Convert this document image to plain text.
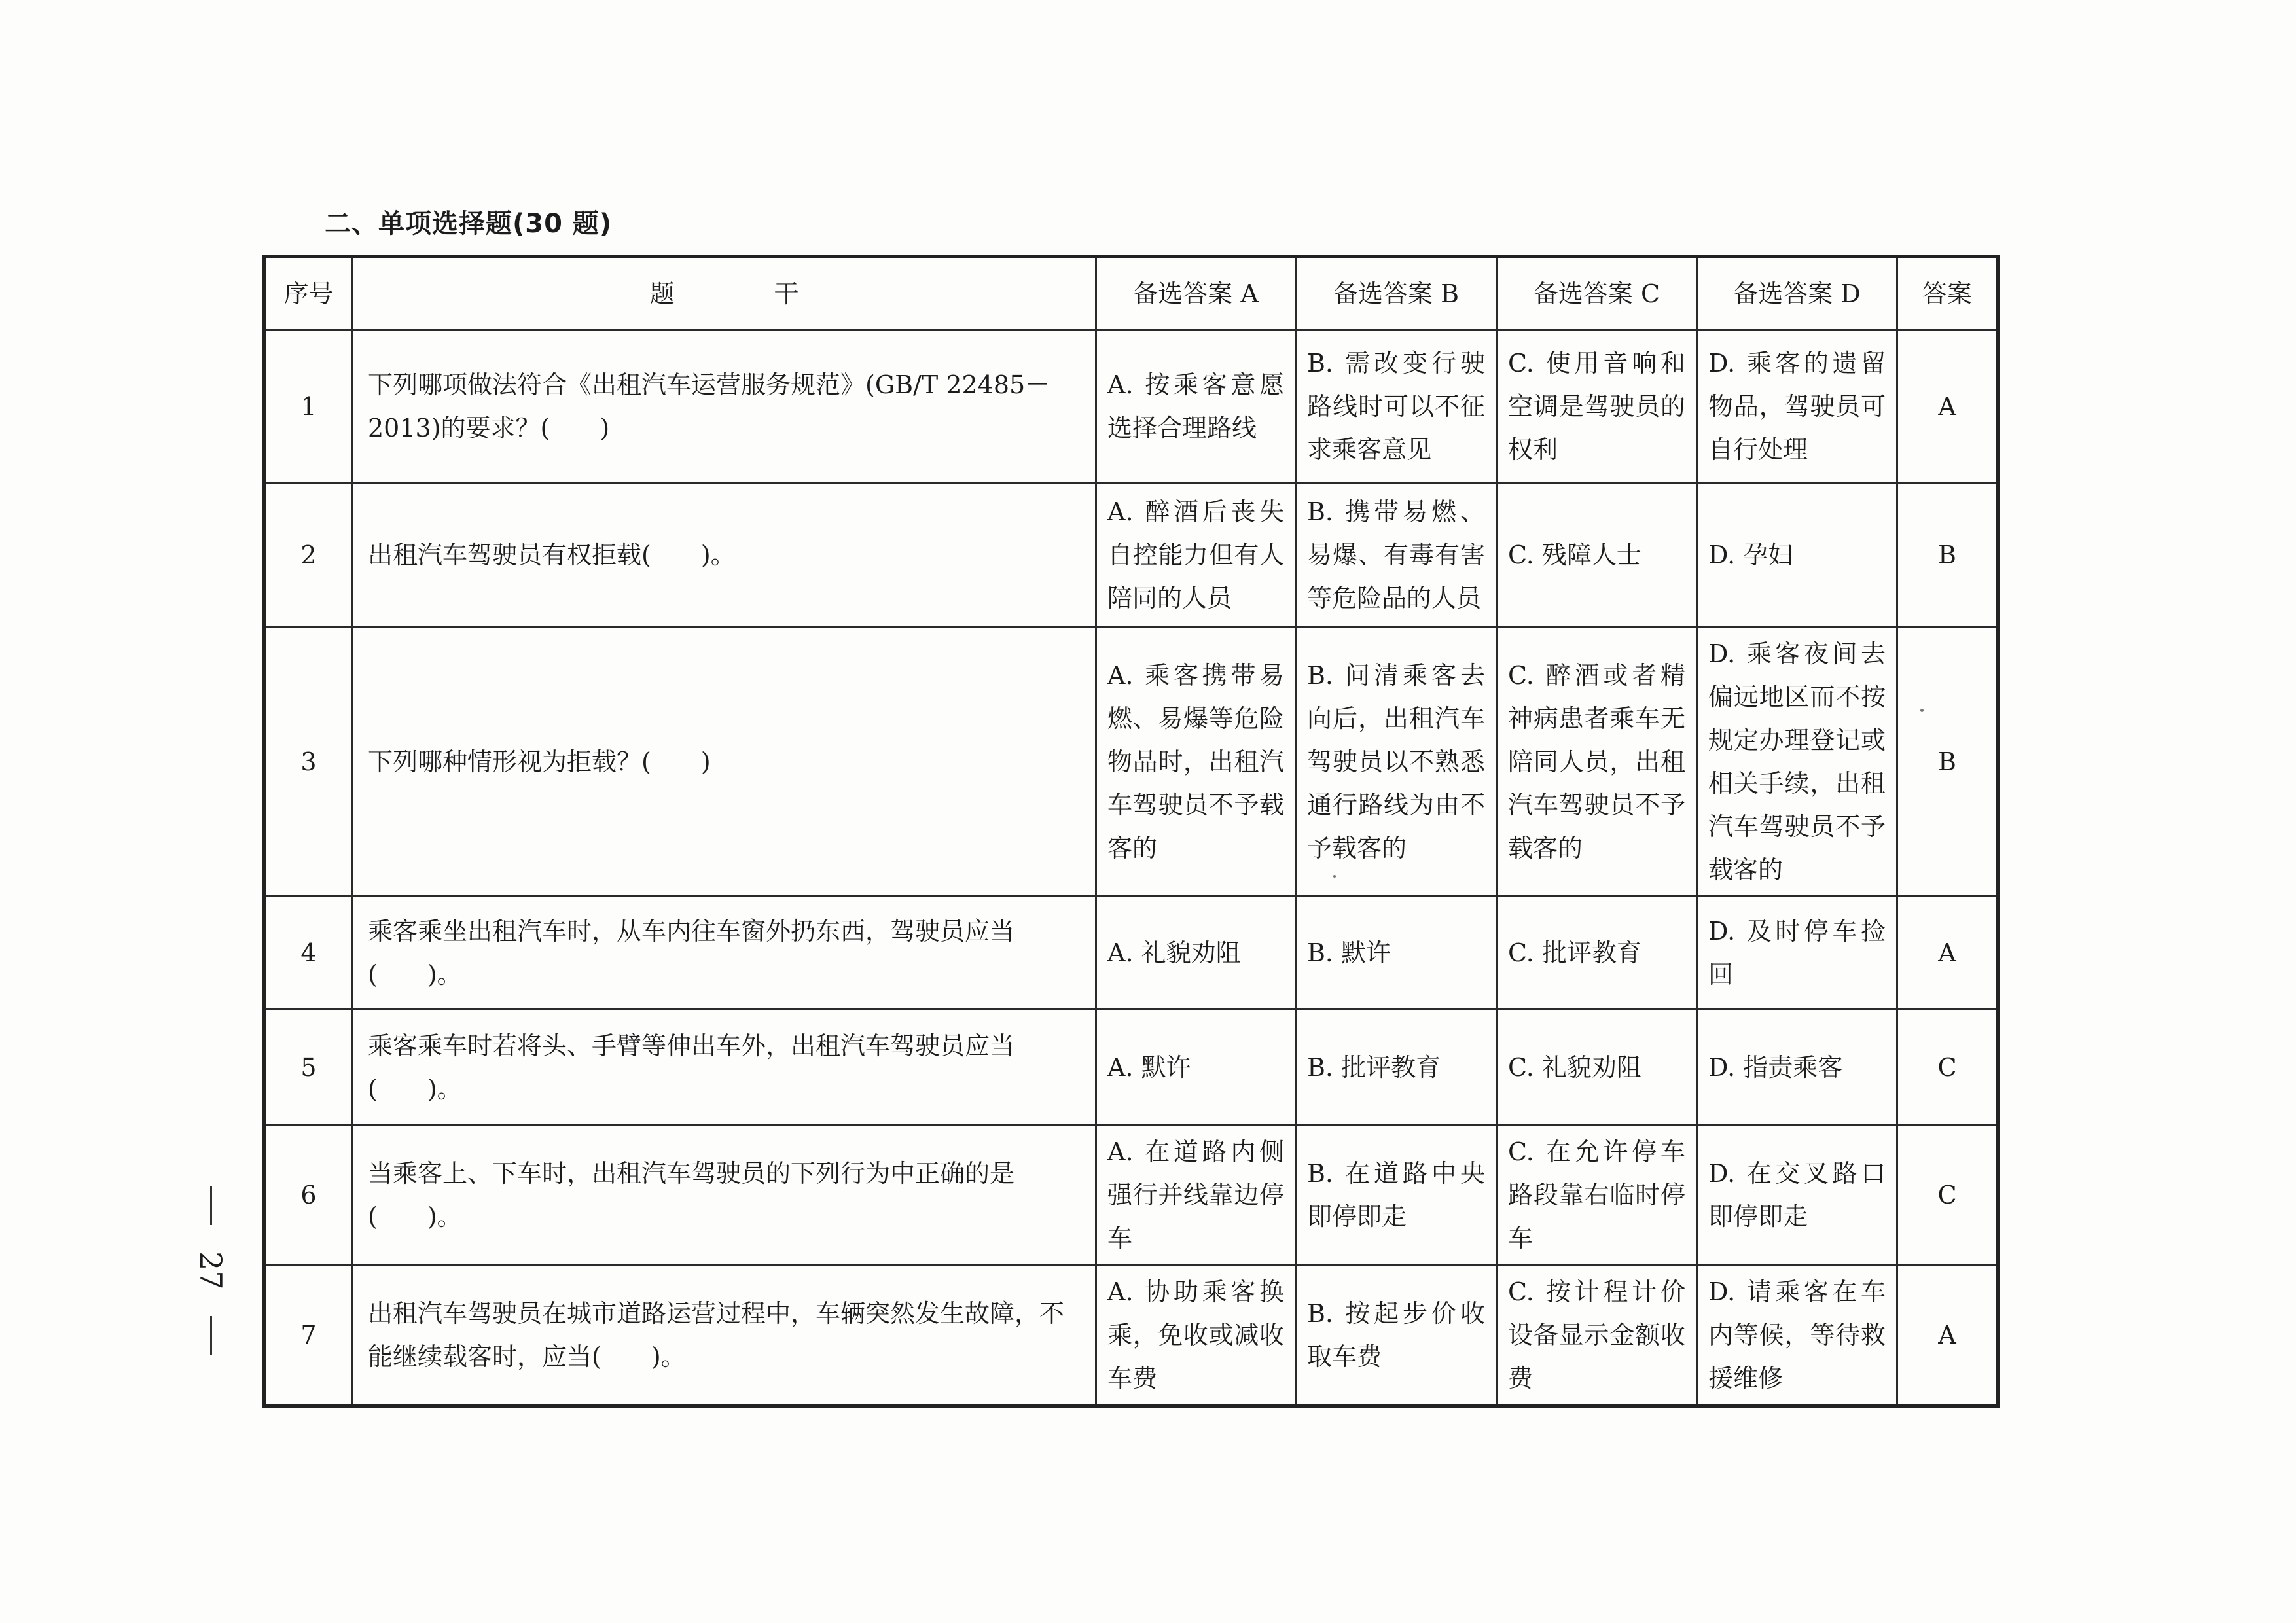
二、单项选择题(30 题)
序号	题　　　　干	备选答案 A	备选答案 B	备选答案 C	备选答案 D	答案
1	下列哪项做法符合《出租汽车运营服务规范》(GB/T 22485－2013)的要求？(　　)	A. 按乘客意愿选择合理路线	B. 需改变行驶路线时可以不征求乘客意见	C. 使用音响和空调是驾驶员的权利	D. 乘客的遗留物品，驾驶员可自行处理	A
2	出租汽车驾驶员有权拒载(　　)。	A. 醉酒后丧失自控能力但有人陪同的人员	B. 携带易燃、易爆、有毒有害等危险品的人员	C. 残障人士	D. 孕妇	B
3	下列哪种情形视为拒载？(　　)	A. 乘客携带易燃、易爆等危险物品时，出租汽车驾驶员不予载客的	B. 问清乘客去向后，出租汽车驾驶员以不熟悉通行路线为由不予载客的	C. 醉酒或者精神病患者乘车无陪同人员，出租汽车驾驶员不予载客的	D. 乘客夜间去偏远地区而不按规定办理登记或相关手续，出租汽车驾驶员不予载客的	B
4	乘客乘坐出租汽车时，从车内往车窗外扔东西，驾驶员应当(　　)。	A. 礼貌劝阻	B. 默许	C. 批评教育	D. 及时停车捡回	A
5	乘客乘车时若将头、手臂等伸出车外，出租汽车驾驶员应当(　　)。	A. 默许	B. 批评教育	C. 礼貌劝阻	D. 指责乘客	C
6	当乘客上、下车时，出租汽车驾驶员的下列行为中正确的是(　　)。	A. 在道路内侧强行并线靠边停车	B. 在道路中央即停即走	C. 在允许停车路段靠右临时停车	D. 在交叉路口即停即走	C
7	出租汽车驾驶员在城市道路运营过程中，车辆突然发生故障，不能继续载客时，应当(　　)。	A. 协助乘客换乘，免收或减收车费	B. 按起步价收取车费	C. 按计程计价设备显示金额收费	D. 请乘客在车内等候，等待救援维修	A
27
